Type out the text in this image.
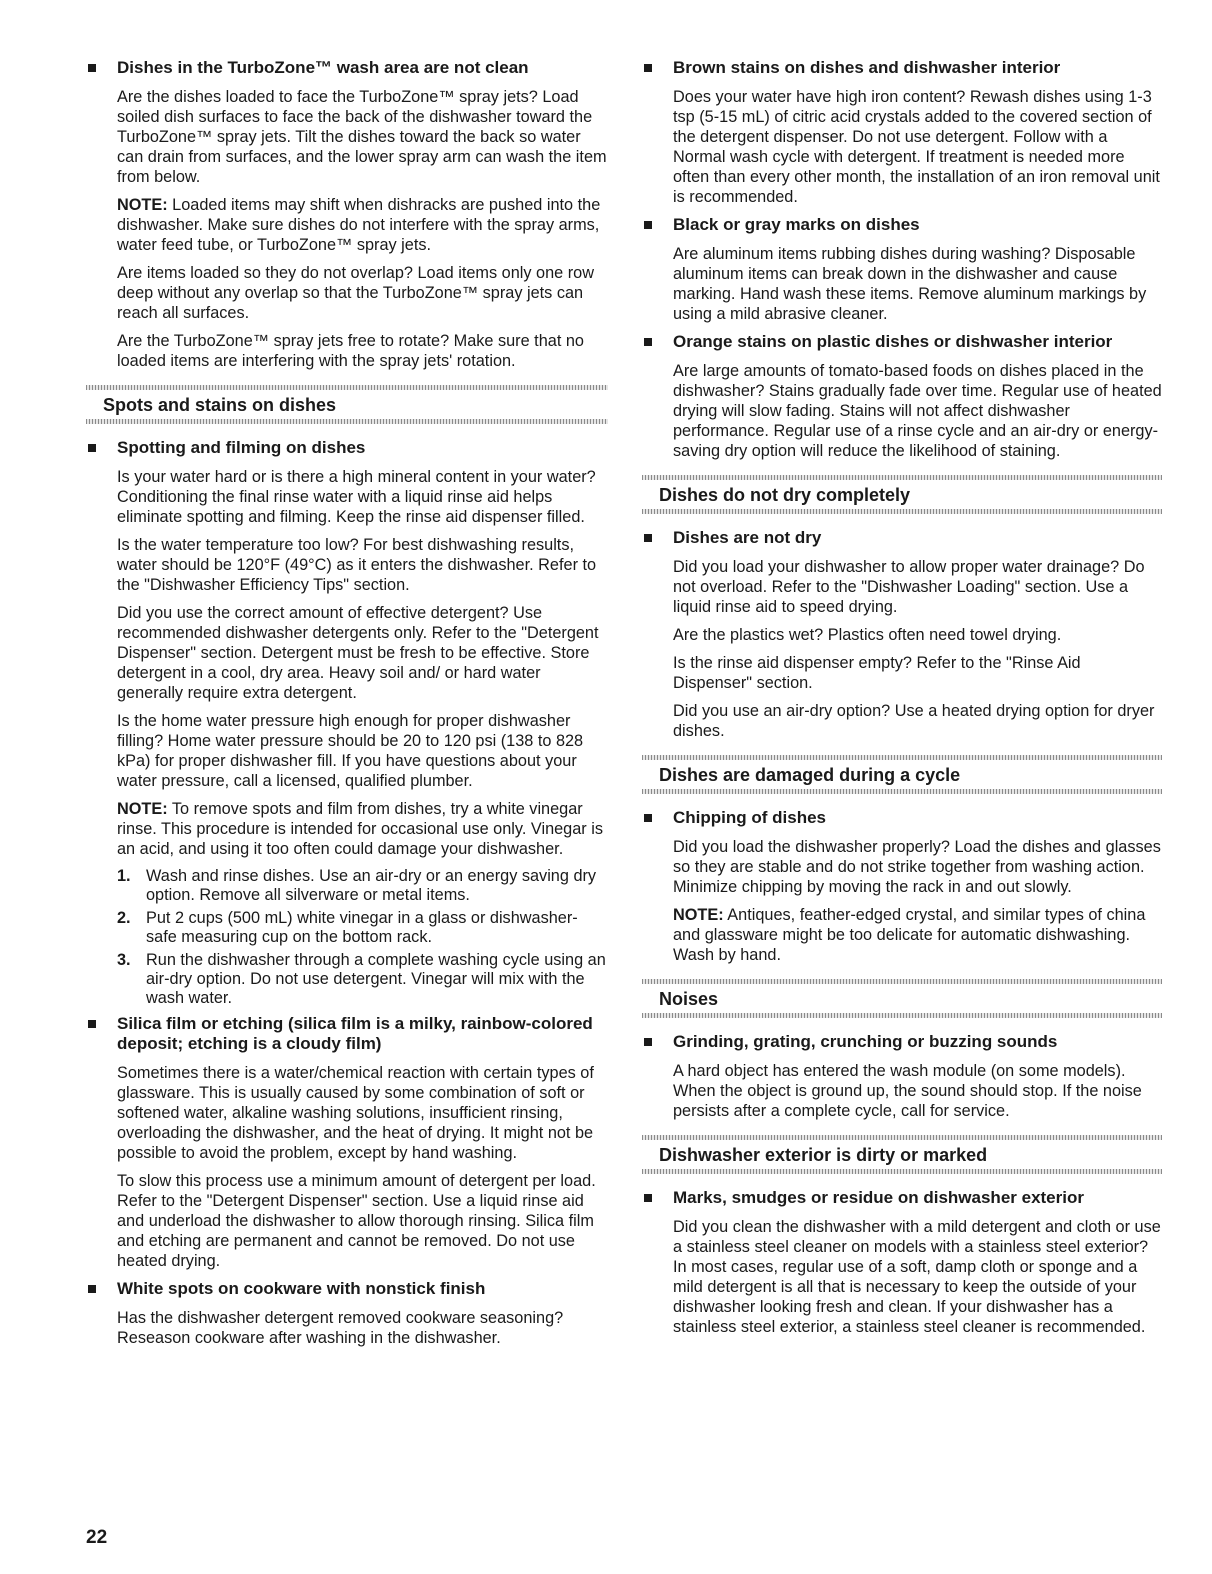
Dishes in the TurboZone™ wash area are not clean

Are the dishes loaded to face the TurboZone™ spray jets? Load soiled dish surfaces to face the back of the dishwasher toward the TurboZone™ spray jets. Tilt the dishes toward the back so water can drain from surfaces, and the lower spray arm can wash the item from below.

NOTE: Loaded items may shift when dishracks are pushed into the dishwasher. Make sure dishes do not interfere with the spray arms, water feed tube, or TurboZone™ spray jets.

Are items loaded so they do not overlap? Load items only one row deep without any overlap so that the TurboZone™ spray jets can reach all surfaces.

Are the TurboZone™ spray jets free to rotate? Make sure that no loaded items are interfering with the spray jets' rotation.

Spots and stains on dishes
Spotting and filming on dishes

Is your water hard or is there a high mineral content in your water? Conditioning the final rinse water with a liquid rinse aid helps eliminate spotting and filming. Keep the rinse aid dispenser filled.

Is the water temperature too low? For best dishwashing results, water should be 120°F (49°C) as it enters the dishwasher. Refer to the "Dishwasher Efficiency Tips" section.

Did you use the correct amount of effective detergent? Use recommended dishwasher detergents only. Refer to the "Detergent Dispenser" section. Detergent must be fresh to be effective. Store detergent in a cool, dry area. Heavy soil and/ or hard water generally require extra detergent.

Is the home water pressure high enough for proper dishwasher filling? Home water pressure should be 20 to 120 psi (138 to 828 kPa) for proper dishwasher fill. If you have questions about your water pressure, call a licensed, qualified plumber.

NOTE: To remove spots and film from dishes, try a white vinegar rinse. This procedure is intended for occasional use only. Vinegar is an acid, and using it too often could damage your dishwasher.

1. Wash and rinse dishes. Use an air-dry or an energy saving dry option. Remove all silverware or metal items.
2. Put 2 cups (500 mL) white vinegar in a glass or dishwasher-safe measuring cup on the bottom rack.
3. Run the dishwasher through a complete washing cycle using an air-dry option. Do not use detergent. Vinegar will mix with the wash water.
Silica film or etching (silica film is a milky, rainbow-colored deposit; etching is a cloudy film)

Sometimes there is a water/chemical reaction with certain types of glassware. This is usually caused by some combination of soft or softened water, alkaline washing solutions, insufficient rinsing, overloading the dishwasher, and the heat of drying. It might not be possible to avoid the problem, except by hand washing.

To slow this process use a minimum amount of detergent per load. Refer to the "Detergent Dispenser" section. Use a liquid rinse aid and underload the dishwasher to allow thorough rinsing. Silica film and etching are permanent and cannot be removed. Do not use heated drying.

White spots on cookware with nonstick finish

Has the dishwasher detergent removed cookware seasoning? Reseason cookware after washing in the dishwasher.

Brown stains on dishes and dishwasher interior

Does your water have high iron content? Rewash dishes using 1-3 tsp (5-15 mL) of citric acid crystals added to the covered section of the detergent dispenser. Do not use detergent. Follow with a Normal wash cycle with detergent. If treatment is needed more often than every other month, the installation of an iron removal unit is recommended.

Black or gray marks on dishes

Are aluminum items rubbing dishes during washing? Disposable aluminum items can break down in the dishwasher and cause marking. Hand wash these items. Remove aluminum markings by using a mild abrasive cleaner.

Orange stains on plastic dishes or dishwasher interior

Are large amounts of tomato-based foods on dishes placed in the dishwasher? Stains gradually fade over time. Regular use of heated drying will slow fading. Stains will not affect dishwasher performance. Regular use of a rinse cycle and an air-dry or energy-saving dry option will reduce the likelihood of staining.

Dishes do not dry completely
Dishes are not dry

Did you load your dishwasher to allow proper water drainage? Do not overload. Refer to the "Dishwasher Loading" section. Use a liquid rinse aid to speed drying.

Are the plastics wet? Plastics often need towel drying.

Is the rinse aid dispenser empty? Refer to the "Rinse Aid Dispenser" section.

Did you use an air-dry option? Use a heated drying option for dryer dishes.

Dishes are damaged during a cycle
Chipping of dishes

Did you load the dishwasher properly? Load the dishes and glasses so they are stable and do not strike together from washing action. Minimize chipping by moving the rack in and out slowly.

NOTE: Antiques, feather-edged crystal, and similar types of china and glassware might be too delicate for automatic dishwashing. Wash by hand.

Noises
Grinding, grating, crunching or buzzing sounds

A hard object has entered the wash module (on some models). When the object is ground up, the sound should stop. If the noise persists after a complete cycle, call for service.

Dishwasher exterior is dirty or marked
Marks, smudges or residue on dishwasher exterior

Did you clean the dishwasher with a mild detergent and cloth or use a stainless steel cleaner on models with a stainless steel exterior? In most cases, regular use of a soft, damp cloth or sponge and a mild detergent is all that is necessary to keep the outside of your dishwasher looking fresh and clean. If your dishwasher has a stainless steel exterior, a stainless steel cleaner is recommended.

22
